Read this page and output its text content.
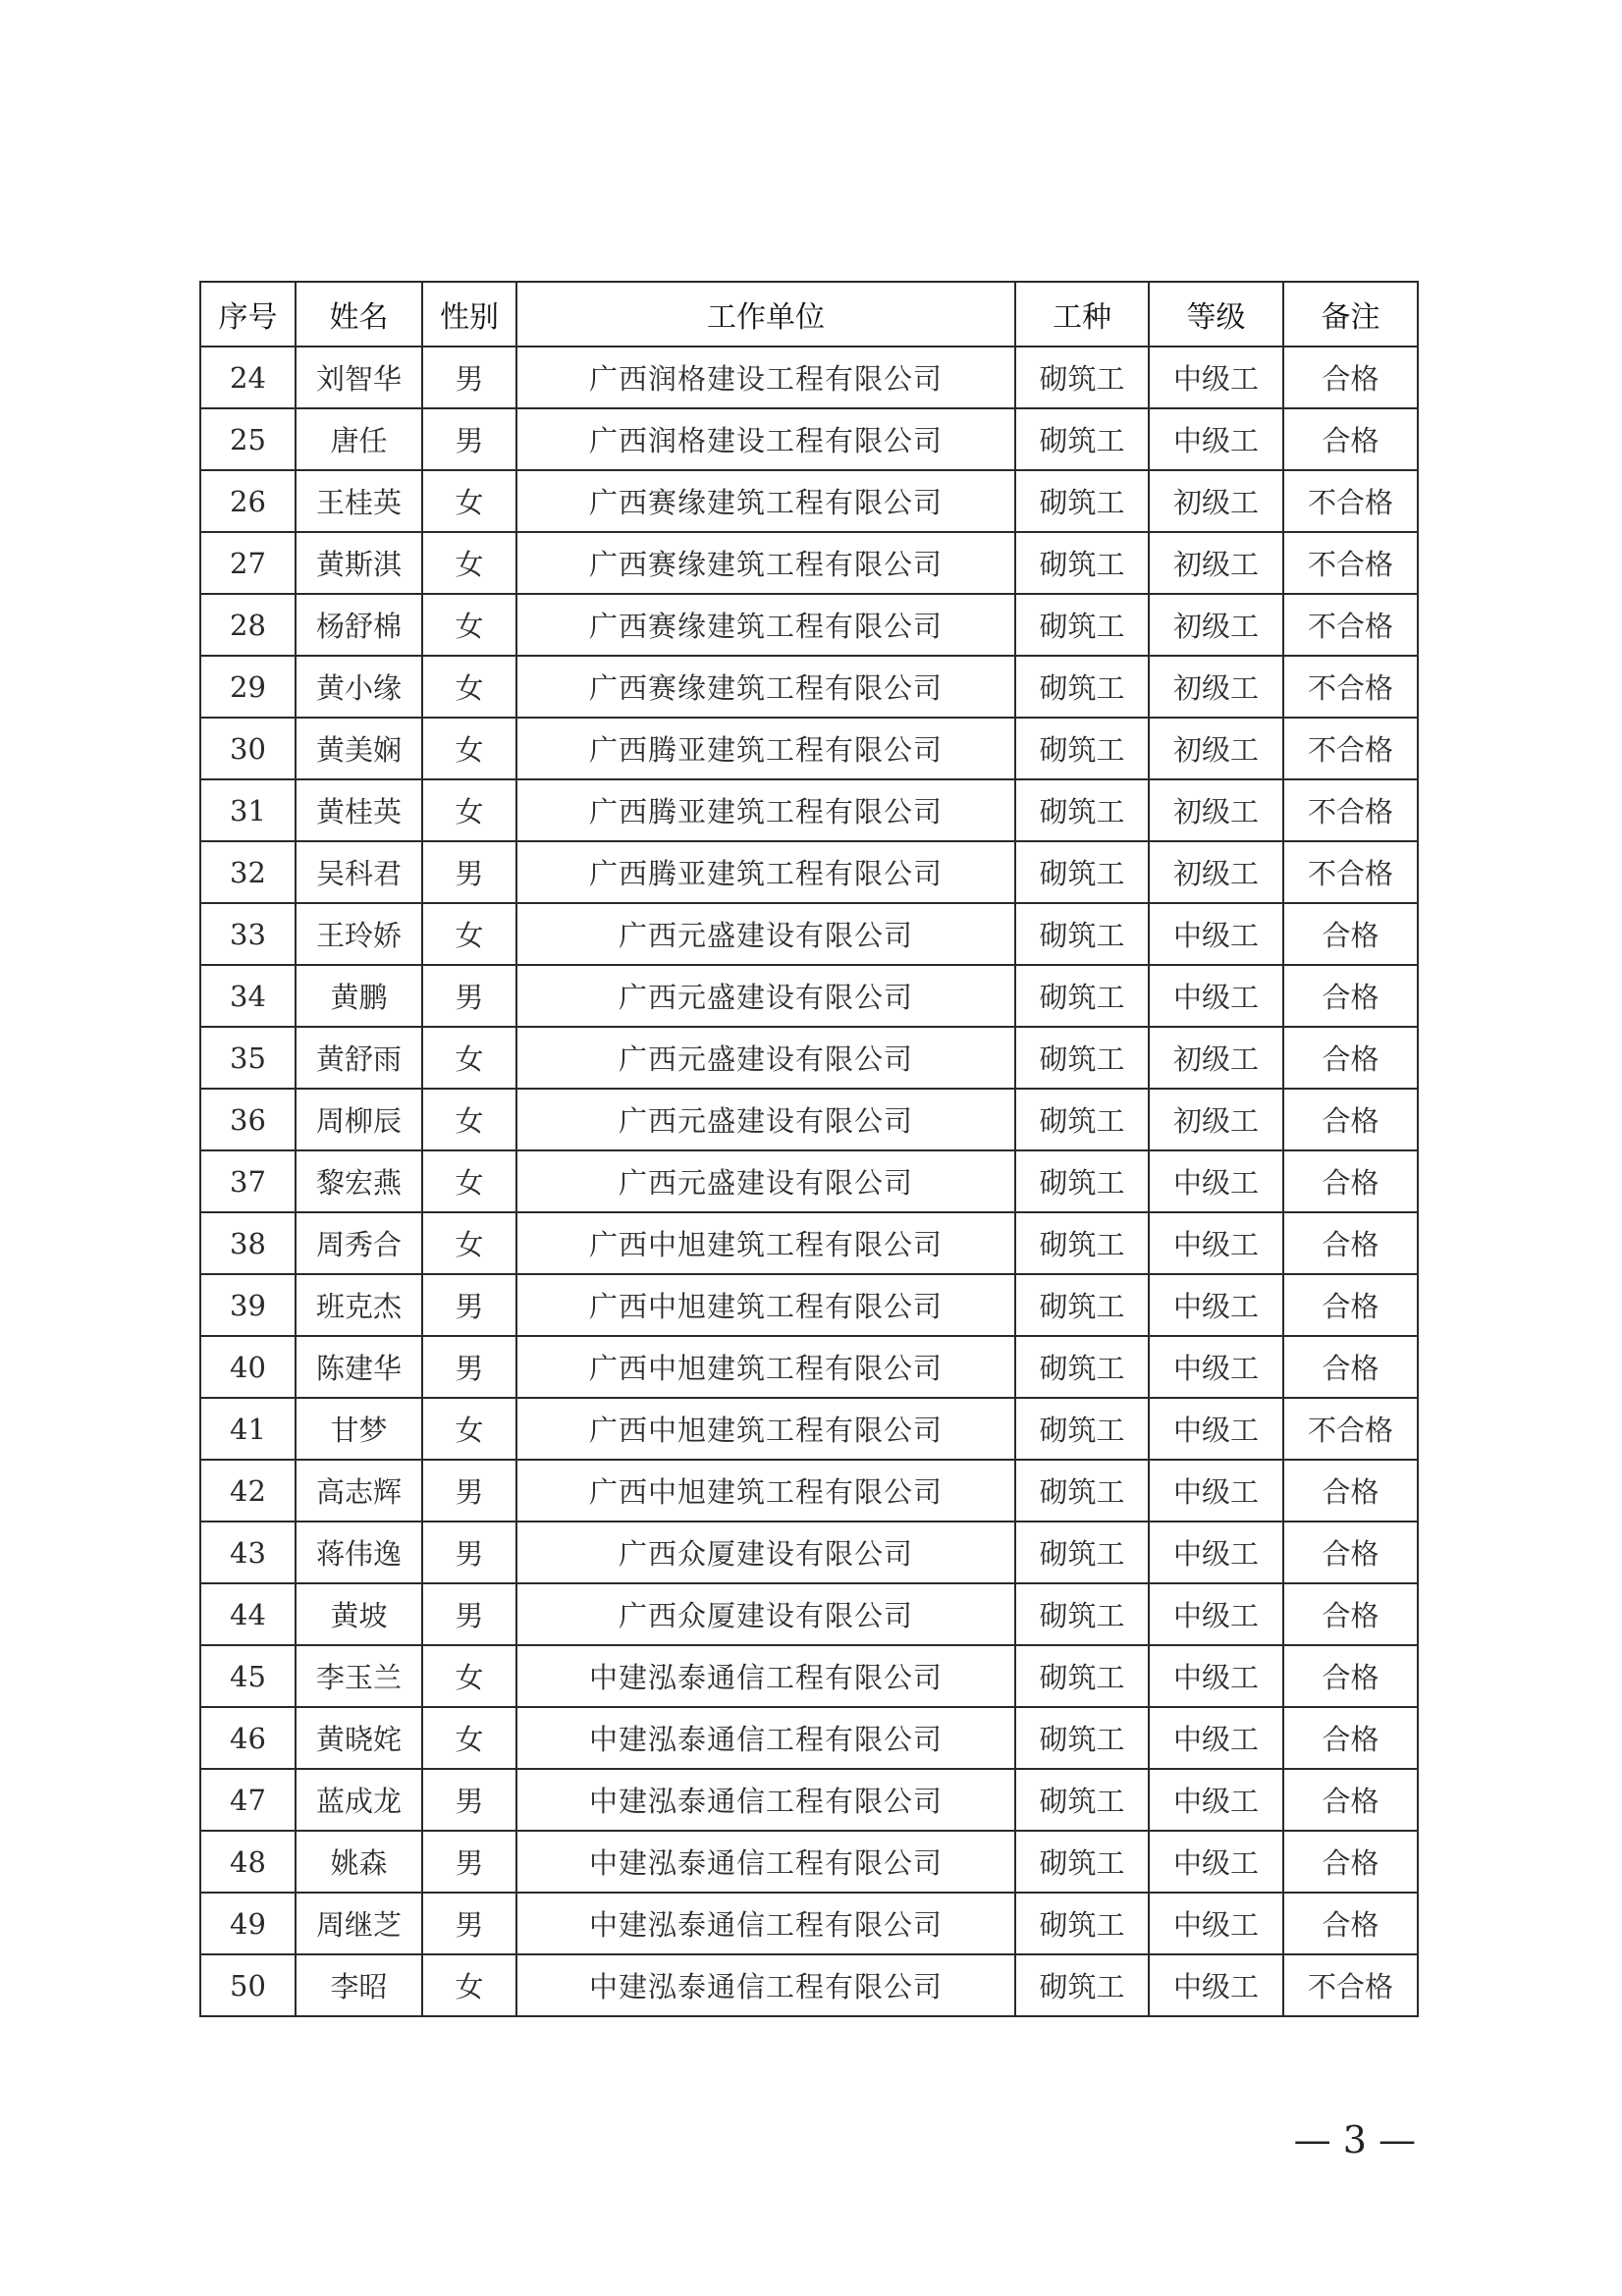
序号	姓名	性别	工作单位	工种	等级	备注
24	刘智华	男	广西润格建设工程有限公司	砌筑工	中级工	合格
25	唐任	男	广西润格建设工程有限公司	砌筑工	中级工	合格
26	王桂英	女	广西赛缘建筑工程有限公司	砌筑工	初级工	不合格
27	黄斯淇	女	广西赛缘建筑工程有限公司	砌筑工	初级工	不合格
28	杨舒棉	女	广西赛缘建筑工程有限公司	砌筑工	初级工	不合格
29	黄小缘	女	广西赛缘建筑工程有限公司	砌筑工	初级工	不合格
30	黄美娴	女	广西腾亚建筑工程有限公司	砌筑工	初级工	不合格
31	黄桂英	女	广西腾亚建筑工程有限公司	砌筑工	初级工	不合格
32	吴科君	男	广西腾亚建筑工程有限公司	砌筑工	初级工	不合格
33	王玲娇	女	广西元盛建设有限公司	砌筑工	中级工	合格
34	黄鹏	男	广西元盛建设有限公司	砌筑工	中级工	合格
35	黄舒雨	女	广西元盛建设有限公司	砌筑工	初级工	合格
36	周柳辰	女	广西元盛建设有限公司	砌筑工	初级工	合格
37	黎宏燕	女	广西元盛建设有限公司	砌筑工	中级工	合格
38	周秀合	女	广西中旭建筑工程有限公司	砌筑工	中级工	合格
39	班克杰	男	广西中旭建筑工程有限公司	砌筑工	中级工	合格
40	陈建华	男	广西中旭建筑工程有限公司	砌筑工	中级工	合格
41	甘梦	女	广西中旭建筑工程有限公司	砌筑工	中级工	不合格
42	高志辉	男	广西中旭建筑工程有限公司	砌筑工	中级工	合格
43	蒋伟逸	男	广西众厦建设有限公司	砌筑工	中级工	合格
44	黄坡	男	广西众厦建设有限公司	砌筑工	中级工	合格
45	李玉兰	女	中建泓泰通信工程有限公司	砌筑工	中级工	合格
46	黄晓姹	女	中建泓泰通信工程有限公司	砌筑工	中级工	合格
47	蓝成龙	男	中建泓泰通信工程有限公司	砌筑工	中级工	合格
48	姚森	男	中建泓泰通信工程有限公司	砌筑工	中级工	合格
49	周继芝	男	中建泓泰通信工程有限公司	砌筑工	中级工	合格
50	李昭	女	中建泓泰通信工程有限公司	砌筑工	中级工	不合格
— 3 —
